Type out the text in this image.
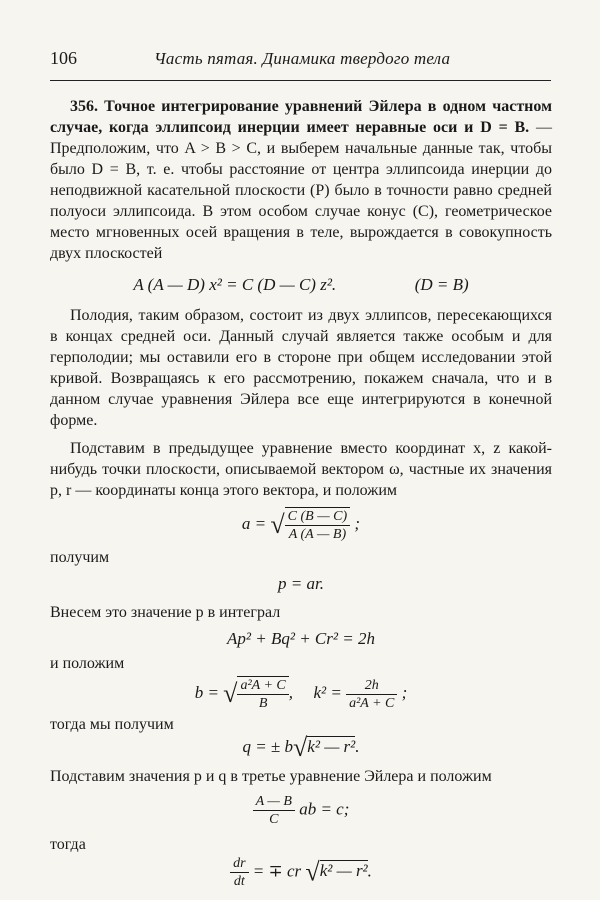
106	Часть пятая. Динамика твердого тела

356. Точное интегрирование уравнений Эйлера в одном частном случае, когда эллипсоид инерции имеет неравные оси и D = B. — Предположим, что A > B > C, и выберем начальные данные так, чтобы было D = B, т. е. чтобы расстояние от центра эллипсоида инерции до неподвижной касательной плоскости (P) было в точности равно средней полуоси эллипсоида. В этом особом случае конус (C), геометрическое место мгновенных осей вращения в теле, вырождается в совокупность двух плоскостей

A (A — D) x² = C (D — C) z².	(D = B)

Полодия, таким образом, состоит из двух эллипсов, пересекающихся в концах средней оси. Данный случай является также особым и для герполодии; мы оставили его в стороне при общем исследовании этой кривой. Возвращаясь к его рассмотрению, покажем сначала, что и в данном случае уравнения Эйлера все еще интегрируются в конечной форме.

Подставим в предыдущее уравнение вместо координат x, z какой-нибудь точки плоскости, описываемой вектором ω, частные их значения p, r — координаты конца этого вектора, и положим

a = √ $\frac{C (B — C)}{A (A — B)}$ ;

получим

p = ar.

Внесем это значение p в интеграл

Ap² + Bq² + Cr² = 2h

и положим

b = √ $\frac{\text{a²A + C}}{B}$ ,  $k^2 = \frac{2h}{\text{a²A + C}}$ ;

тогда мы получим

q = ± b√k² — r².

Подставим значения p и q в третье уравнение Эйлера и положим

$\frac{A — B}{C}$ ab = c;

тогда

$\frac{dr}{dt}$ = ∓ cr √k² — r².
